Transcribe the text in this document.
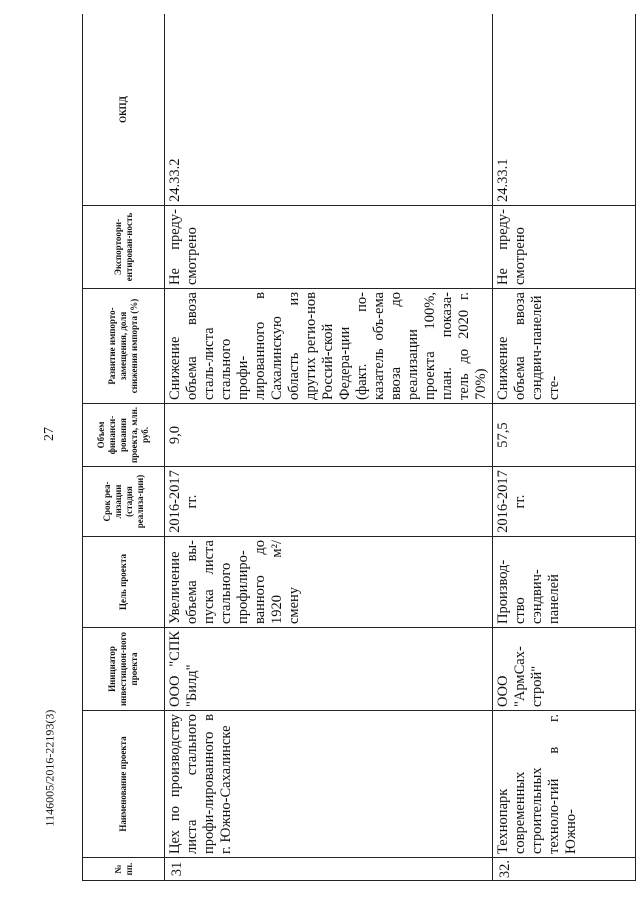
27
1146005/2016-22193(3)
№ пп.	Наименование проекта	Инициатор инвестицион-ного проекта	Цель проекта	Срок реа-лизации (стадия реализа-ции)	Объем финанси-рования проекта, млн. руб.	Развитие импорто-замещения, доля снижения импорта (%)	Экспортоори-ентирован-ность	ОКПД
31	Цех по производству листа стального профи-лированного в г. Южно-Сахалинске	ООО "СПК "Билд"	Увеличение объема вы-пуска листа стального профилиро-ванного до 1920 м²/смену	2016-2017 гг.	9,0	Снижение объема ввоза сталь-листа стального профи-лированного в Сахалинскую область из других регио-нов Россий-ской Федера-ции (факт. по-казатель объ-ема ввоза до реализации проекта 100%, план. показа-тель до 2020 г. 70%)	Не преду-смотрено	24.33.2
32.	Технопарк современных строительных техноло-гий в г. Южно-	ООО "АрмСах-строй"	Производ-ство сэндвич-панелей	2016-2017 гг.	57,5	Снижение объема ввоза сэндвич-панелей сте-	Не преду-смотрено	24.33.1
